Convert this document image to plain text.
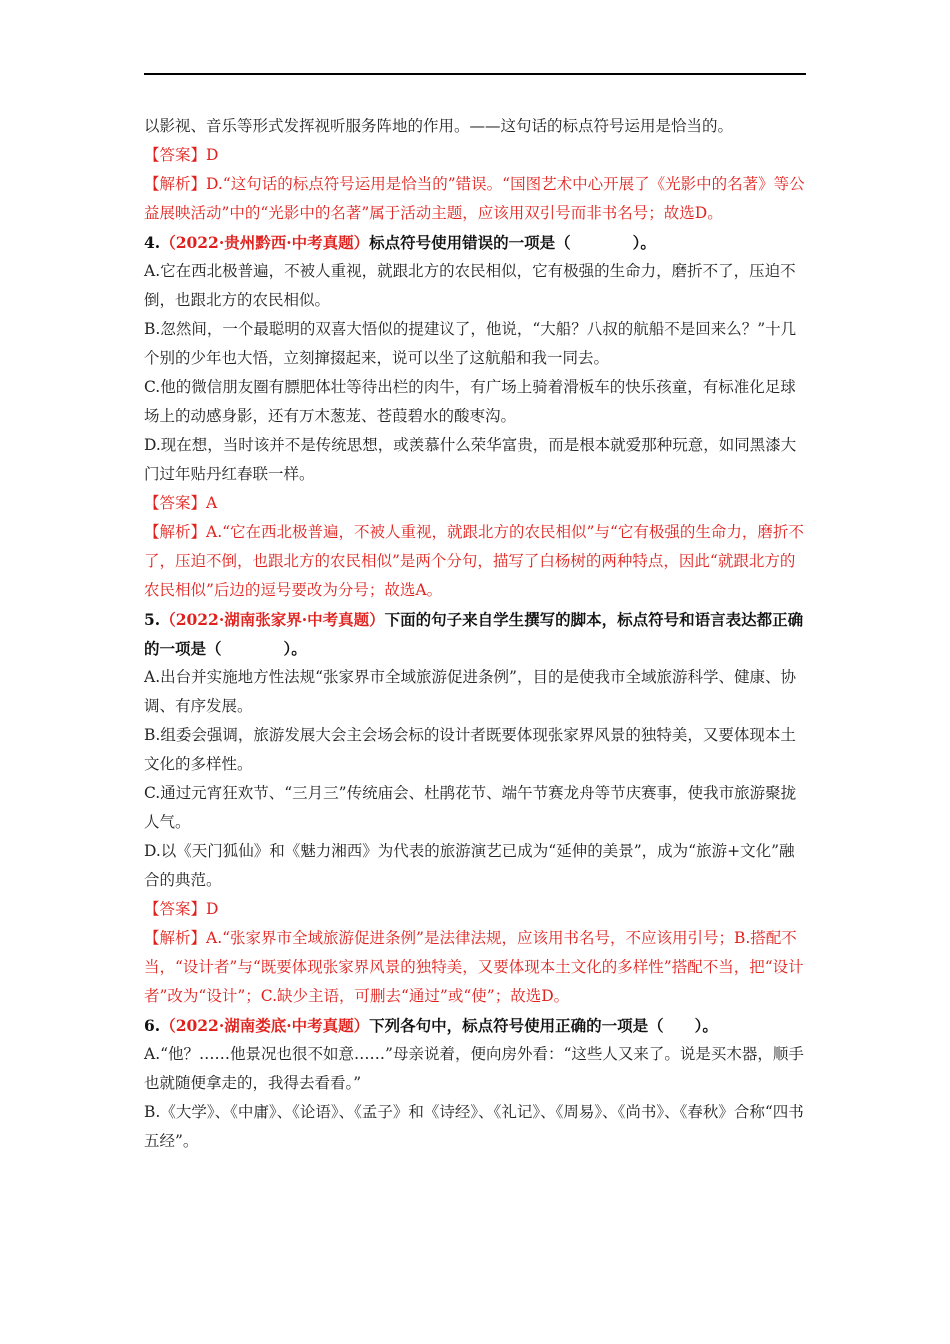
以影视、音乐等形式发挥视听服务阵地的作用。——这句话的标点符号运用是恰当的。

【答案】D

【解析】D.“这句话的标点符号运用是恰当的”错误。“国图艺术中心开展了《光影中的名著》等公益展映活动”中的“光影中的名著”属于活动主题，应该用双引号而非书名号；故选D。

4.（2022·贵州黔西·中考真题）标点符号使用错误的一项是（　　　　）。

A.它在西北极普遍，不被人重视，就跟北方的农民相似，它有极强的生命力，磨折不了，压迫不倒，也跟北方的农民相似。

B.忽然间，一个最聪明的双喜大悟似的提建议了，他说，“大船？八叔的航船不是回来么？”十几个别的少年也大悟，立刻撺掇起来，说可以坐了这航船和我一同去。

C.他的微信朋友圈有膘肥体壮等待出栏的肉牛，有广场上骑着滑板车的快乐孩童，有标准化足球场上的动感身影，还有万木葱茏、苍葭碧水的酸枣沟。

D.现在想，当时该并不是传统思想，或羡慕什么荣华富贵，而是根本就爱那种玩意，如同黑漆大门过年贴丹红春联一样。

【答案】A

【解析】A.“它在西北极普遍，不被人重视，就跟北方的农民相似”与“它有极强的生命力，磨折不了，压迫不倒，也跟北方的农民相似”是两个分句，描写了白杨树的两种特点，因此“就跟北方的农民相似”后边的逗号要改为分号；故选A。

5.（2022·湖南张家界·中考真题）下面的句子来自学生撰写的脚本，标点符号和语言表达都正确的一项是（　　　　）。

A.出台并实施地方性法规“张家界市全域旅游促进条例”，目的是使我市全域旅游科学、健康、协调、有序发展。

B.组委会强调，旅游发展大会主会场会标的设计者既要体现张家界风景的独特美，又要体现本土文化的多样性。

C.通过元宵狂欢节、“三月三”传统庙会、杜鹃花节、端午节赛龙舟等节庆赛事，使我市旅游聚拢人气。

D.以《天门狐仙》和《魅力湘西》为代表的旅游演艺已成为“延伸的美景”，成为“旅游+文化”融合的典范。

【答案】D

【解析】A.“张家界市全域旅游促进条例”是法律法规，应该用书名号，不应该用引号；B.搭配不当，“设计者”与“既要体现张家界风景的独特美，又要体现本土文化的多样性”搭配不当，把“设计者”改为“设计”；C.缺少主语，可删去“通过”或“使”；故选D。

6.（2022·湖南娄底·中考真题）下列各句中，标点符号使用正确的一项是（　　）。

A.“他？……他景况也很不如意……”母亲说着，便向房外看：“这些人又来了。说是买木器，顺手也就随便拿走的，我得去看看。”

B.《大学》、《中庸》、《论语》、《孟子》和《诗经》、《礼记》、《周易》、《尚书》、《春秋》合称“四书五经”。
